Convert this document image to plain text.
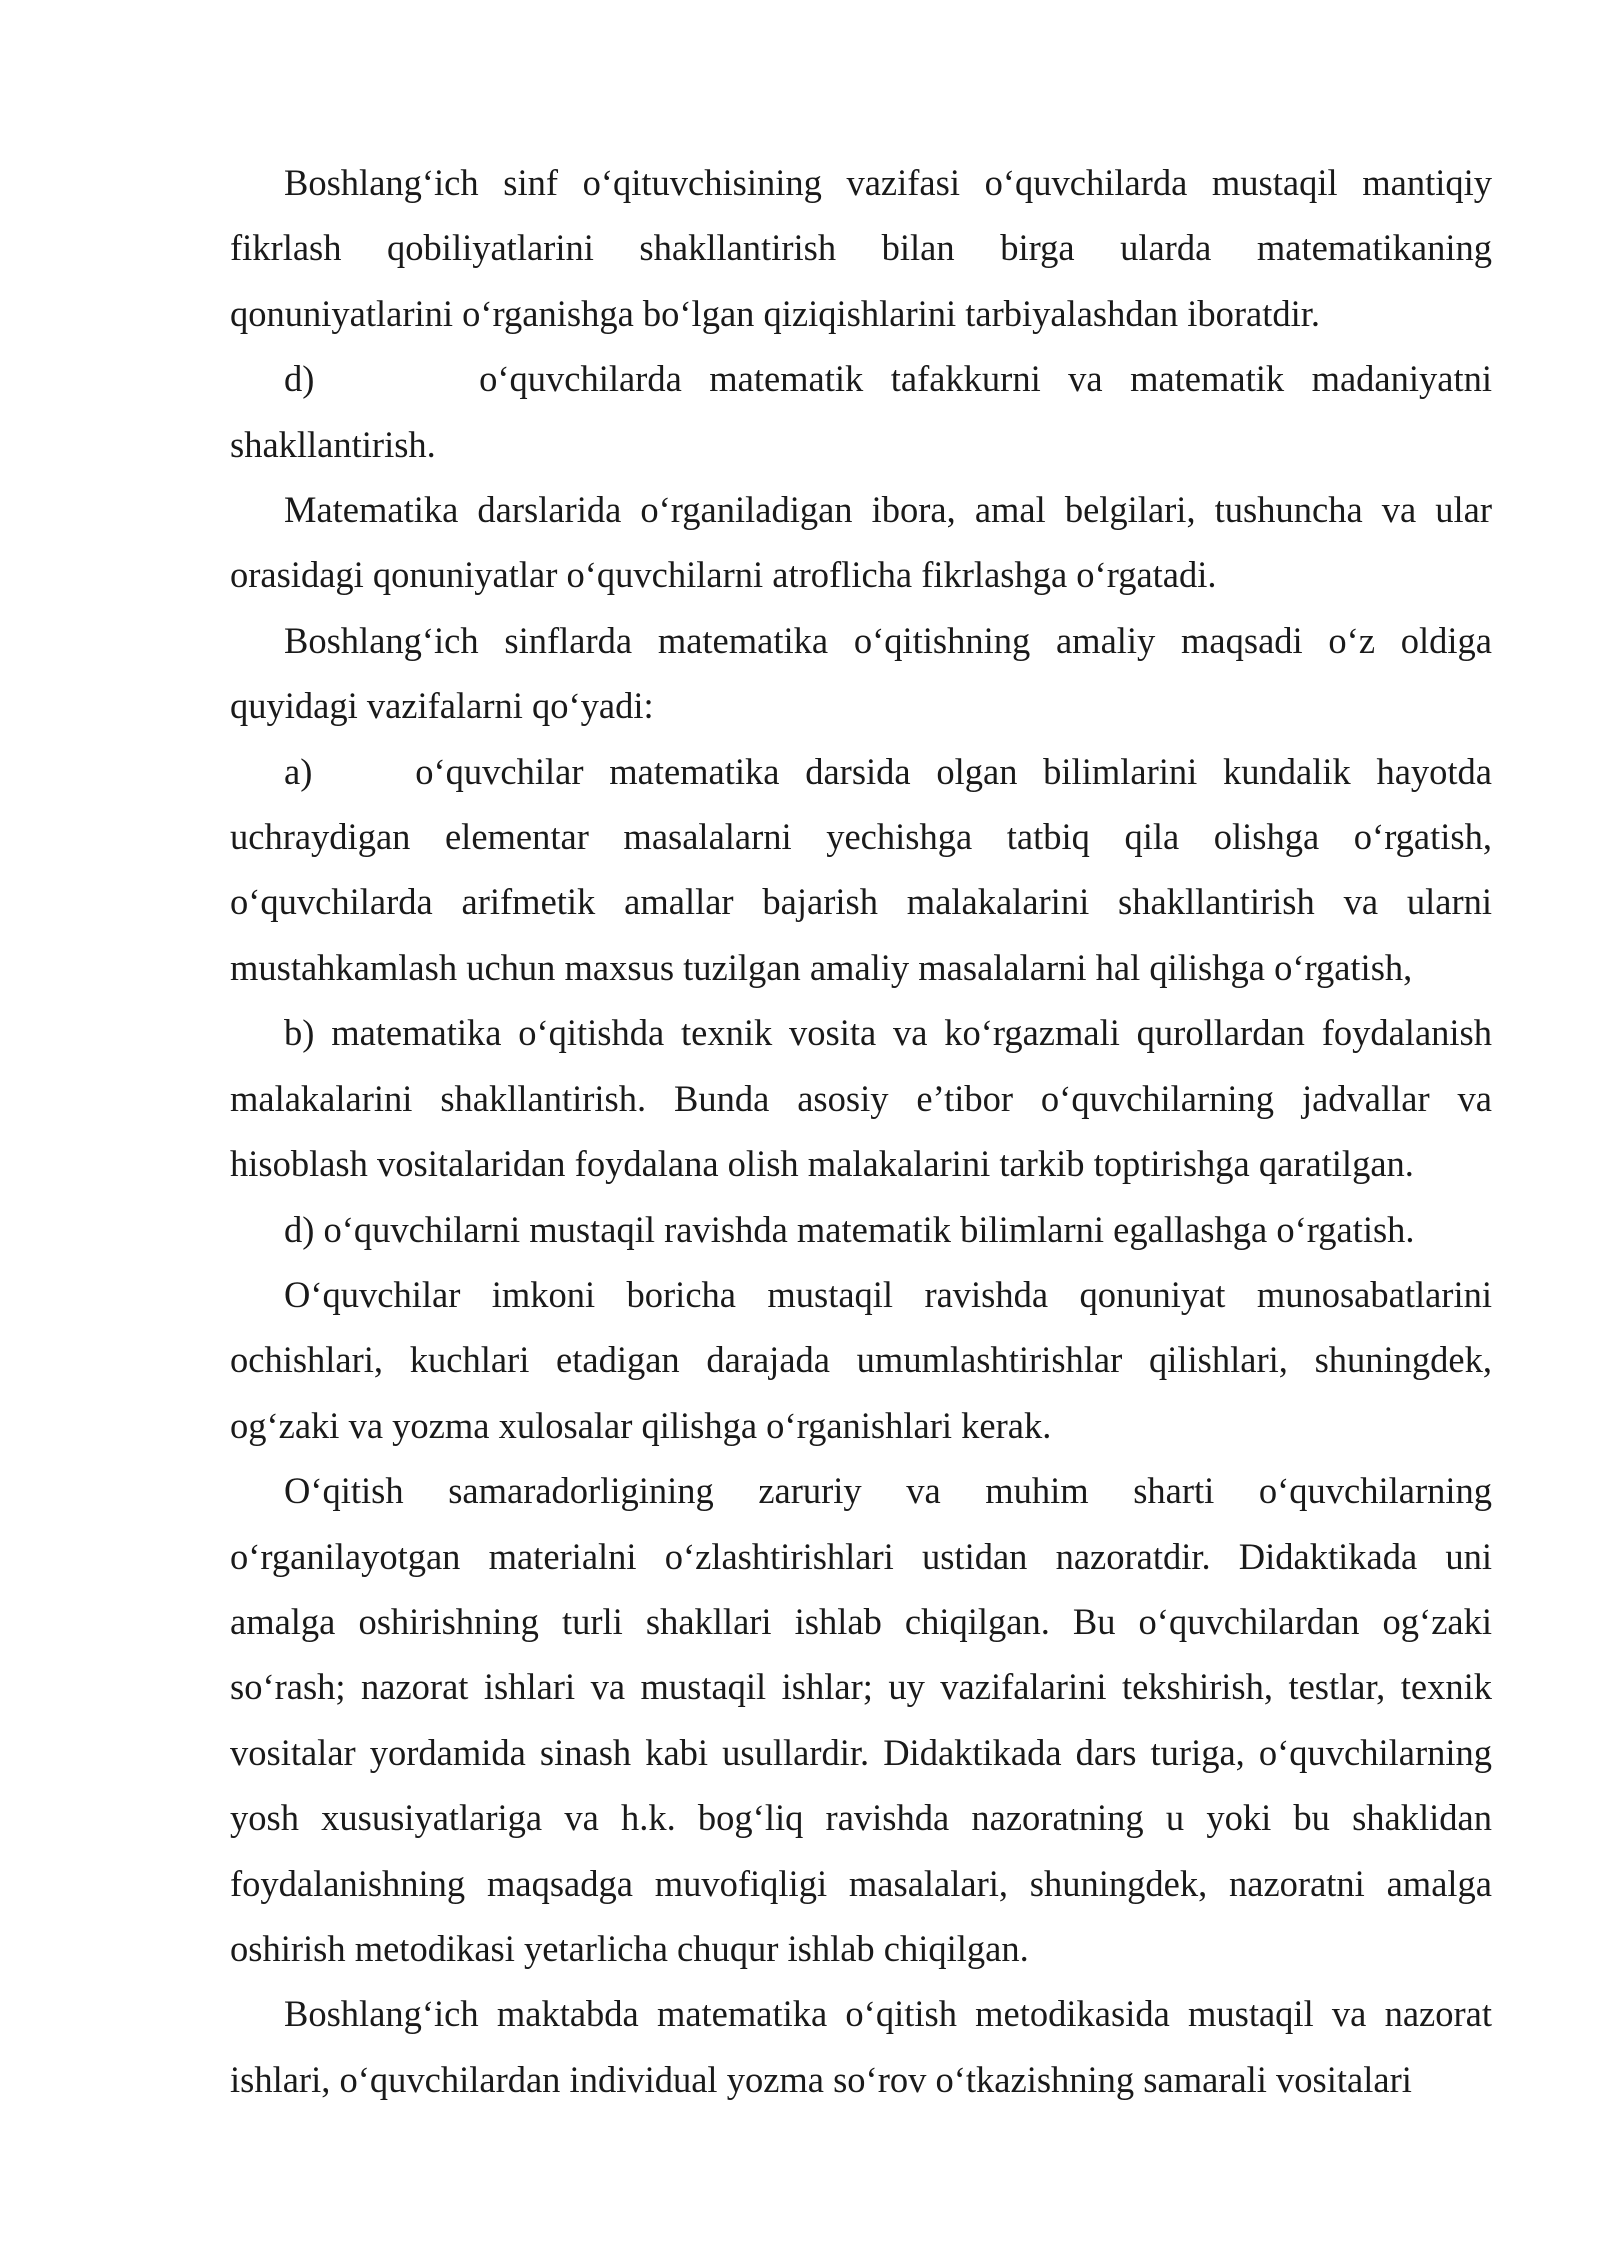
Boshlang‘ich sinf o‘qituvchisining vazifasi o‘quvchilarda mustaqil mantiqiy fikrlash qobiliyatlarini shakllantirish bilan birga ularda matematikaning qonuniyatlarini o‘rganishga bo‘lgan qiziqishlarini tarbiyalashdan iboratdir.

d)      o‘quvchilarda matematik tafakkurni va matematik madaniyatni shakllantirish.

Matematika darslarida o‘rganiladigan ibora, amal belgilari, tushuncha va ular orasidagi qonuniyatlar o‘quvchilarni atroflicha fikrlashga o‘rgatadi.

Boshlang‘ich sinflarda matematika o‘qitishning amaliy maqsadi o‘z oldiga quyidagi vazifalarni qo‘yadi:

a)    o‘quvchilar matematika darsida olgan bilimlarini kundalik hayotda uchraydigan elementar masalalarni yechishga tatbiq qila olishga o‘rgatish, o‘quvchilarda arifmetik amallar bajarish malakalarini shakllantirish va ularni mustahkamlash uchun maxsus tuzilgan amaliy masalalarni hal qilishga o‘rgatish,

b) matematika o‘qitishda texnik vosita va ko‘rgazmali qurollardan foydalanish malakalarini shakllantirish. Bunda asosiy e’tibor o‘quvchilarning jadvallar va hisoblash vositalaridan foydalana olish malakalarini tarkib toptirishga qaratilgan.

d) o‘quvchilarni mustaqil ravishda matematik bilimlarni egallashga o‘rgatish.

O‘quvchilar imkoni boricha mustaqil ravishda qonuniyat munosabatlarini ochishlari, kuchlari etadigan darajada umumlashtirishlar qilishlari, shuningdek, og‘zaki va yozma xulosalar qilishga o‘rganishlari kerak.

O‘qitish samaradorligining zaruriy va muhim sharti o‘quvchilarning o‘rganilayotgan materialni o‘zlashtirishlari ustidan nazoratdir. Didaktikada uni amalga oshirishning turli shakllari ishlab chiqilgan. Bu o‘quvchilardan og‘zaki so‘rash; nazorat ishlari va mustaqil ishlar; uy vazifalarini tekshirish, testlar, texnik vositalar yordamida sinash kabi usullardir. Didaktikada dars turiga, o‘quvchilarning yosh xususiyatlariga va h.k. bog‘liq ravishda nazoratning u yoki bu shaklidan foydalanishning maqsadga muvofiqligi masalalari, shuningdek, nazoratni amalga oshirish metodikasi yetarlicha chuqur ishlab chiqilgan.

Boshlang‘ich maktabda matematika o‘qitish metodikasida mustaqil va nazorat ishlari, o‘quvchilardan individual yozma so‘rov o‘tkazishning samarali vositalari
